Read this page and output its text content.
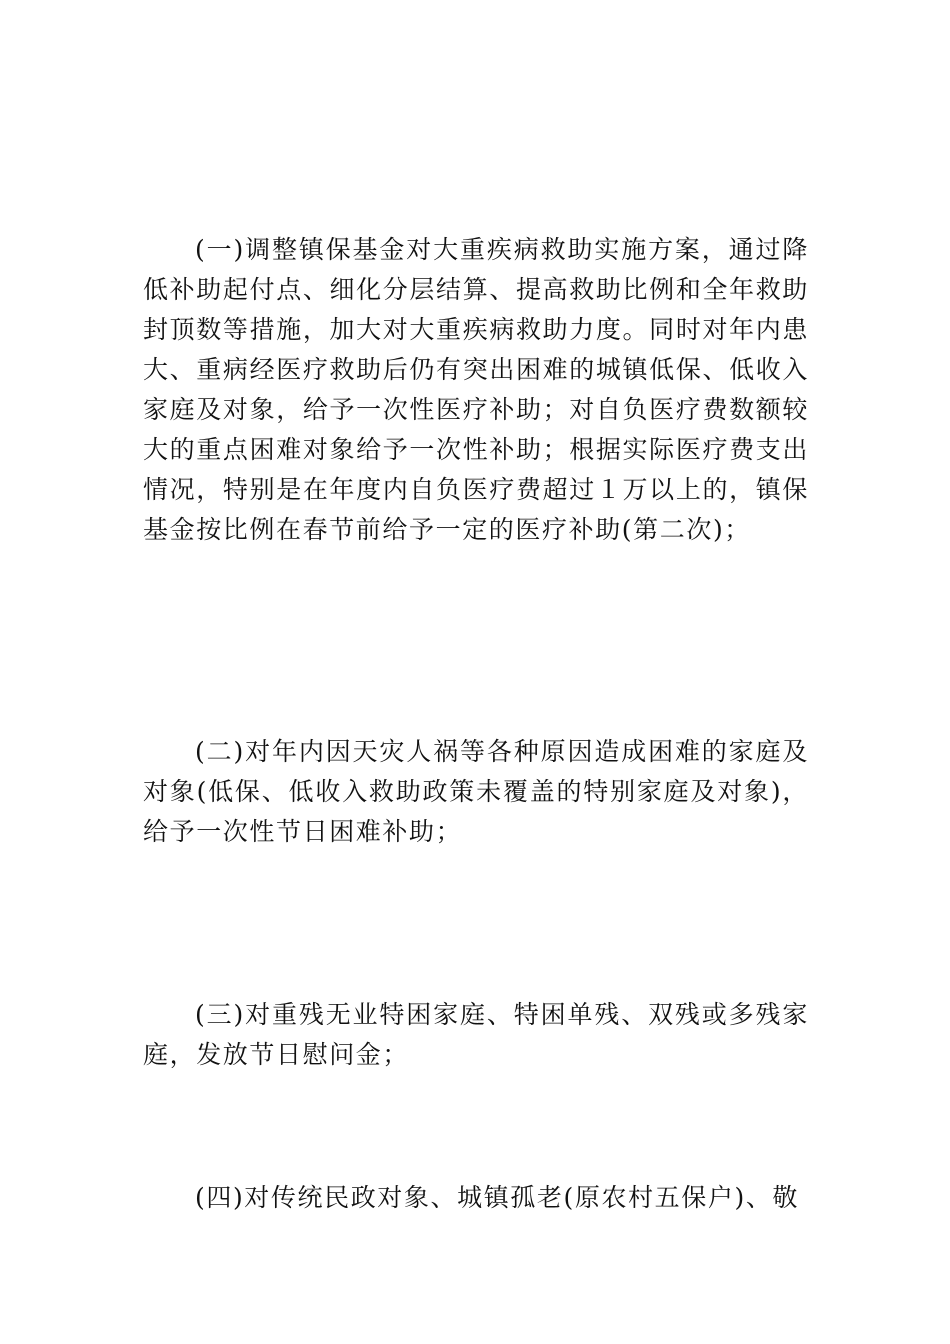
(一)调整镇保基金对大重疾病救助实施方案，通过降低补助起付点、细化分层结算、提高救助比例和全年救助封顶数等措施，加大对大重疾病救助力度。同时对年内患大、重病经医疗救助后仍有突出困难的城镇低保、低收入家庭及对象，给予一次性医疗补助；对自负医疗费数额较大的重点困难对象给予一次性补助；根据实际医疗费支出情况，特别是在年度内自负医疗费超过１万以上的，镇保基金按比例在春节前给予一定的医疗补助(第二次)；

(二)对年内因天灾人祸等各种原因造成困难的家庭及对象(低保、低收入救助政策未覆盖的特别家庭及对象)，给予一次性节日困难补助；

(三)对重残无业特困家庭、特困单残、双残或多残家庭，发放节日慰问金；

(四)对传统民政对象、城镇孤老(原农村五保户)、敬
